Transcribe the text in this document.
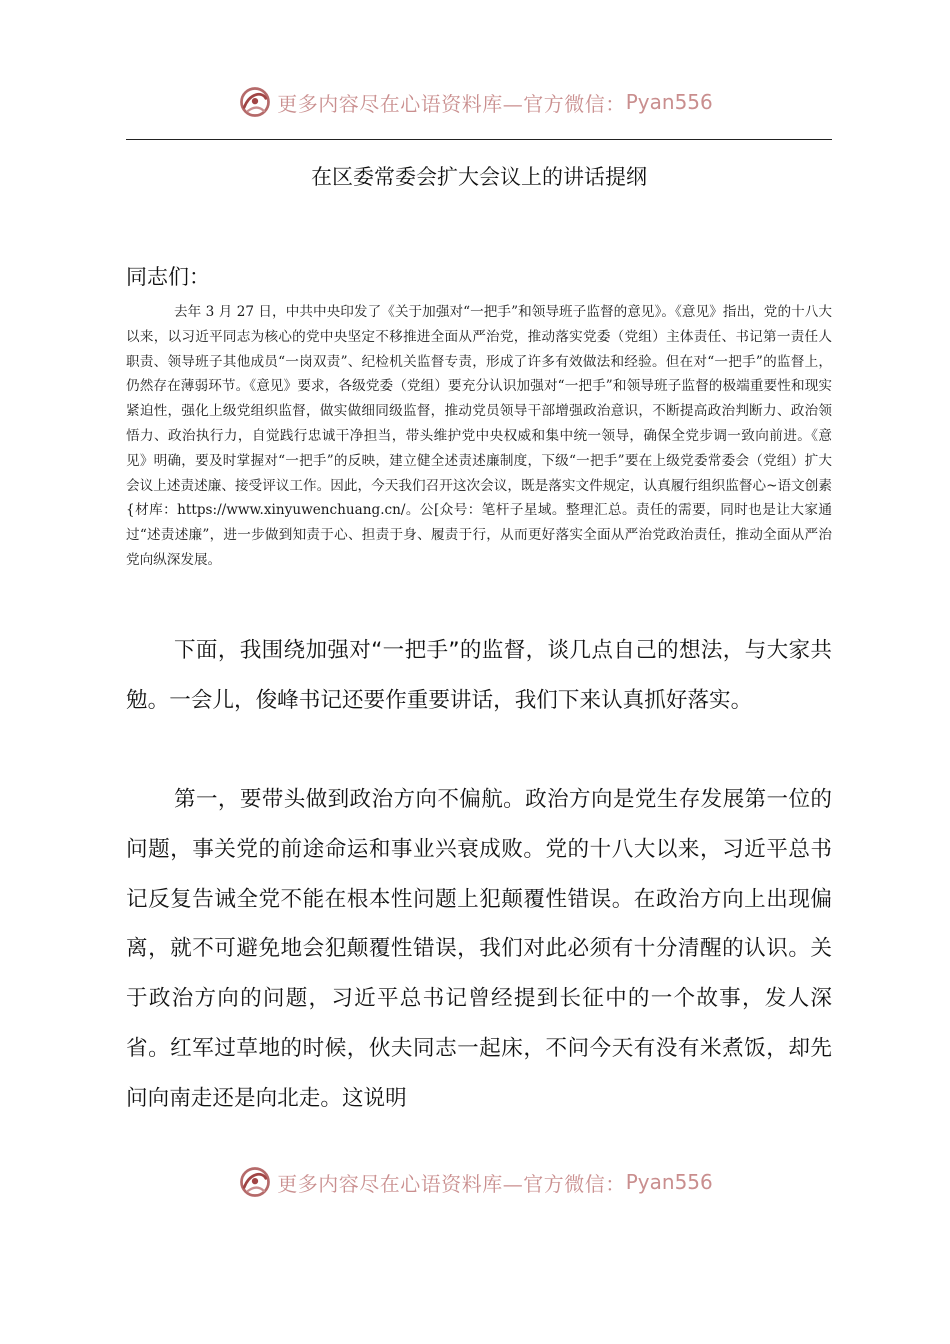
更多内容尽在心语资料库—官方微信： Pyan556
在区委常委会扩大会议上的讲话提纲
同志们：

去年 3 月 27 日，中共中央印发了《关于加强对“一把手”和领导班子监督的意见》。《意见》指出，党的十八大以来，以习近平同志为核心的党中央坚定不移推进全面从严治党，推动落实党委（党组）主体责任、书记第一责任人职责、领导班子其他成员“一岗双责”、纪检机关监督专责，形成了许多有效做法和经验。但在对“一把手”的监督上，仍然存在薄弱环节。《意见》要求，各级党委（党组）要充分认识加强对“一把手”和领导班子监督的极端重要性和现实紧迫性，强化上级党组织监督，做实做细同级监督，推动党员领导干部增强政治意识，不断提高政治判断力、政治领悟力、政治执行力，自觉践行忠诚干净担当，带头维护党中央权威和集中统一领导，确保全党步调一致向前进。《意见》明确，要及时掌握对“一把手”的反映，建立健全述责述廉制度，下级“一把手”要在上级党委常委会（党组）扩大会议上述责述廉、接受评议工作。因此，今天我们召开这次会议，既是落实文件规定，认真履行组织监督心~语文创素{材库：https://www.xinyuwenchuang.cn/。公[众号：笔杆子星域。整理汇总。责任的需要，同时也是让大家通过“述责述廉”，进一步做到知责于心、担责于身、履责于行，从而更好落实全面从严治党政治责任，推动全面从严治党向纵深发展。

下面，我围绕加强对“一把手”的监督，谈几点自己的想法，与大家共勉。一会儿，俊峰书记还要作重要讲话，我们下来认真抓好落实。

第一，要带头做到政治方向不偏航。政治方向是党生存发展第一位的问题，事关党的前途命运和事业兴衰成败。党的十八大以来，习近平总书记反复告诫全党不能在根本性问题上犯颠覆性错误。在政治方向上出现偏离，就不可避免地会犯颠覆性错误，我们对此必须有十分清醒的认识。关于政治方向的问题，习近平总书记曾经提到长征中的一个故事，发人深省。红军过草地的时候，伙夫同志一起床，不问今天有没有米煮饭，却先问向南走还是向北走。这说明

更多内容尽在心语资料库—官方微信： Pyan556
